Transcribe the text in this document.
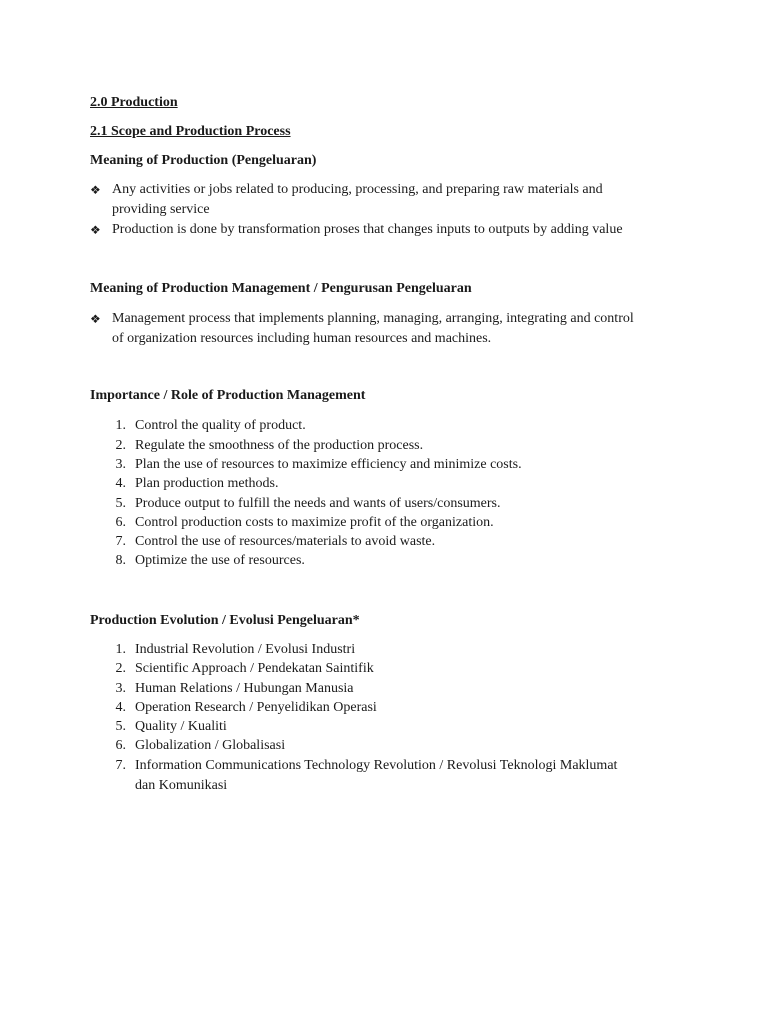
2.0 Production
2.1 Scope and Production Process
Meaning of Production (Pengeluaran)
❖ Any activities or jobs related to producing, processing, and preparing raw materials and
providing service
❖ Production is done by transformation proses that changes inputs to outputs by adding value
Meaning of Production Management / Pengurusan Pengeluaran
❖ Management process that implements planning, managing, arranging, integrating and control
of organization resources including human resources and machines.
Importance / Role of Production Management
1. Control the quality of product.
2. Regulate the smoothness of the production process.
3. Plan the use of resources to maximize efficiency and minimize costs.
4. Plan production methods.
5. Produce output to fulfill the needs and wants of users/consumers.
6. Control production costs to maximize profit of the organization.
7. Control the use of resources/materials to avoid waste.
8. Optimize the use of resources.
Production Evolution / Evolusi Pengeluaran*
1. Industrial Revolution / Evolusi Industri
2. Scientific Approach / Pendekatan Saintifik
3. Human Relations / Hubungan Manusia
4. Operation Research / Penyelidikan Operasi
5. Quality / Kualiti
6. Globalization / Globalisasi
7. Information Communications Technology Revolution / Revolusi Teknologi Maklumat
dan Komunikasi
